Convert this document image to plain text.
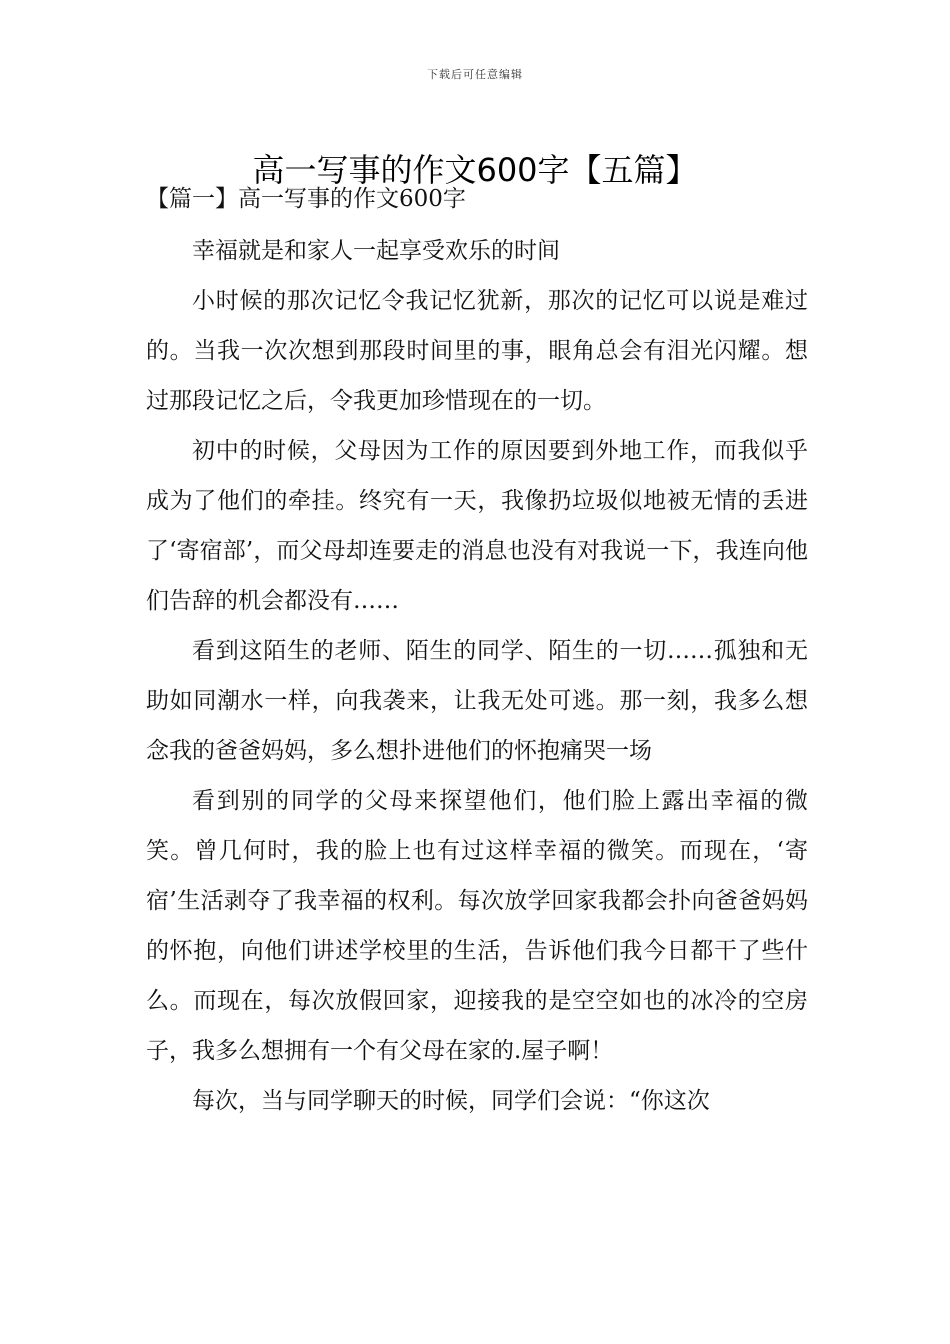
下载后可任意编辑
高一写事的作文600字【五篇】
【篇一】高一写事的作文600字

幸福就是和家人一起享受欢乐的时间

小时候的那次记忆令我记忆犹新，那次的记忆可以说是难过的。当我一次次想到那段时间里的事，眼角总会有泪光闪耀。想过那段记忆之后，令我更加珍惜现在的一切。

初中的时候，父母因为工作的原因要到外地工作，而我似乎成为了他们的牵挂。终究有一天，我像扔垃圾似地被无情的丢进了‘寄宿部’，而父母却连要走的消息也没有对我说一下，我连向他们告辞的机会都没有……

看到这陌生的老师、陌生的同学、陌生的一切……孤独和无助如同潮水一样，向我袭来，让我无处可逃。那一刻，我多么想念我的爸爸妈妈，多么想扑进他们的怀抱痛哭一场

看到别的同学的父母来探望他们，他们脸上露出幸福的微笑。曾几何时，我的脸上也有过这样幸福的微笑。而现在，‘寄宿’生活剥夺了我幸福的权利。每次放学回家我都会扑向爸爸妈妈的怀抱，向他们讲述学校里的生活，告诉他们我今日都干了些什么。而现在，每次放假回家，迎接我的是空空如也的冰冷的空房子，我多么想拥有一个有父母在家的.屋子啊！

每次，当与同学聊天的时候，同学们会说：“你这次
